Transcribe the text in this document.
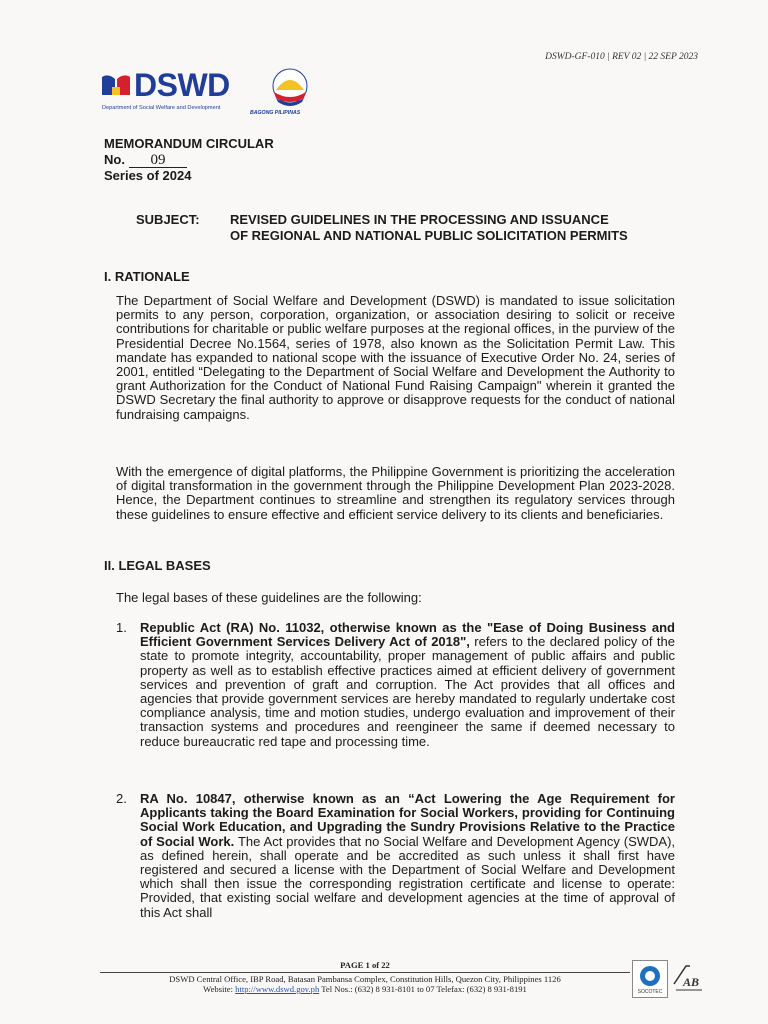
DSWD-GF-010 | REV 02 | 22 SEP 2023
DSWD
Department of Social Welfare and Development
BAGONG PILIPINAS
MEMORANDUM CIRCULAR
No. 09
Series of 2024
SUBJECT: REVISED GUIDELINES IN THE PROCESSING AND ISSUANCE
OF REGIONAL AND NATIONAL PUBLIC SOLICITATION PERMITS
I. RATIONALE

The Department of Social Welfare and Development (DSWD) is mandated to issue solicitation permits to any person, corporation, organization, or association desiring to solicit or receive contributions for charitable or public welfare purposes at the regional offices, in the purview of the Presidential Decree No.1564, series of 1978, also known as the Solicitation Permit Law. This mandate has expanded to national scope with the issuance of Executive Order No. 24, series of 2001, entitled “Delegating to the Department of Social Welfare and Development the Authority to grant Authorization for the Conduct of National Fund Raising Campaign" wherein it granted the DSWD Secretary the final authority to approve or disapprove requests for the conduct of national fundraising campaigns.

With the emergence of digital platforms, the Philippine Government is prioritizing the acceleration of digital transformation in the government through the Philippine Development Plan 2023-2028. Hence, the Department continues to streamline and strengthen its regulatory services through these guidelines to ensure effective and efficient service delivery to its clients and beneficiaries.

II. LEGAL BASES

The legal bases of these guidelines are the following:

1. Republic Act (RA) No. 11032, otherwise known as the "Ease of Doing Business and Efficient Government Services Delivery Act of 2018", refers to the declared policy of the state to promote integrity, accountability, proper management of public affairs and public property as well as to establish effective practices aimed at efficient delivery of government services and prevention of graft and corruption. The Act provides that all offices and agencies that provide government services are hereby mandated to regularly undertake cost compliance analysis, time and motion studies, undergo evaluation and improvement of their transaction systems and procedures and reengineer the same if deemed necessary to reduce bureaucratic red tape and processing time.
2. RA No. 10847, otherwise known as an “Act Lowering the Age Requirement for Applicants taking the Board Examination for Social Workers, providing for Continuing Social Work Education, and Upgrading the Sundry Provisions Relative to the Practice of Social Work. The Act provides that no Social Welfare and Development Agency (SWDA), as defined herein, shall operate and be accredited as such unless it shall first have registered and secured a license with the Department of Social Welfare and Development which shall then issue the corresponding registration certificate and license to operate: Provided, that existing social welfare and development agencies at the time of approval of this Act shall
PAGE 1 of 22
DSWD Central Office, IBP Road, Batasan Pambansa Complex, Constitution Hills, Quezon City, Philippines 1126
Website: http://www.dswd.gov.ph Tel Nos.: (632) 8 931-8101 to 07 Telefax: (632) 8 931-8191	SOCOTEC
AB
